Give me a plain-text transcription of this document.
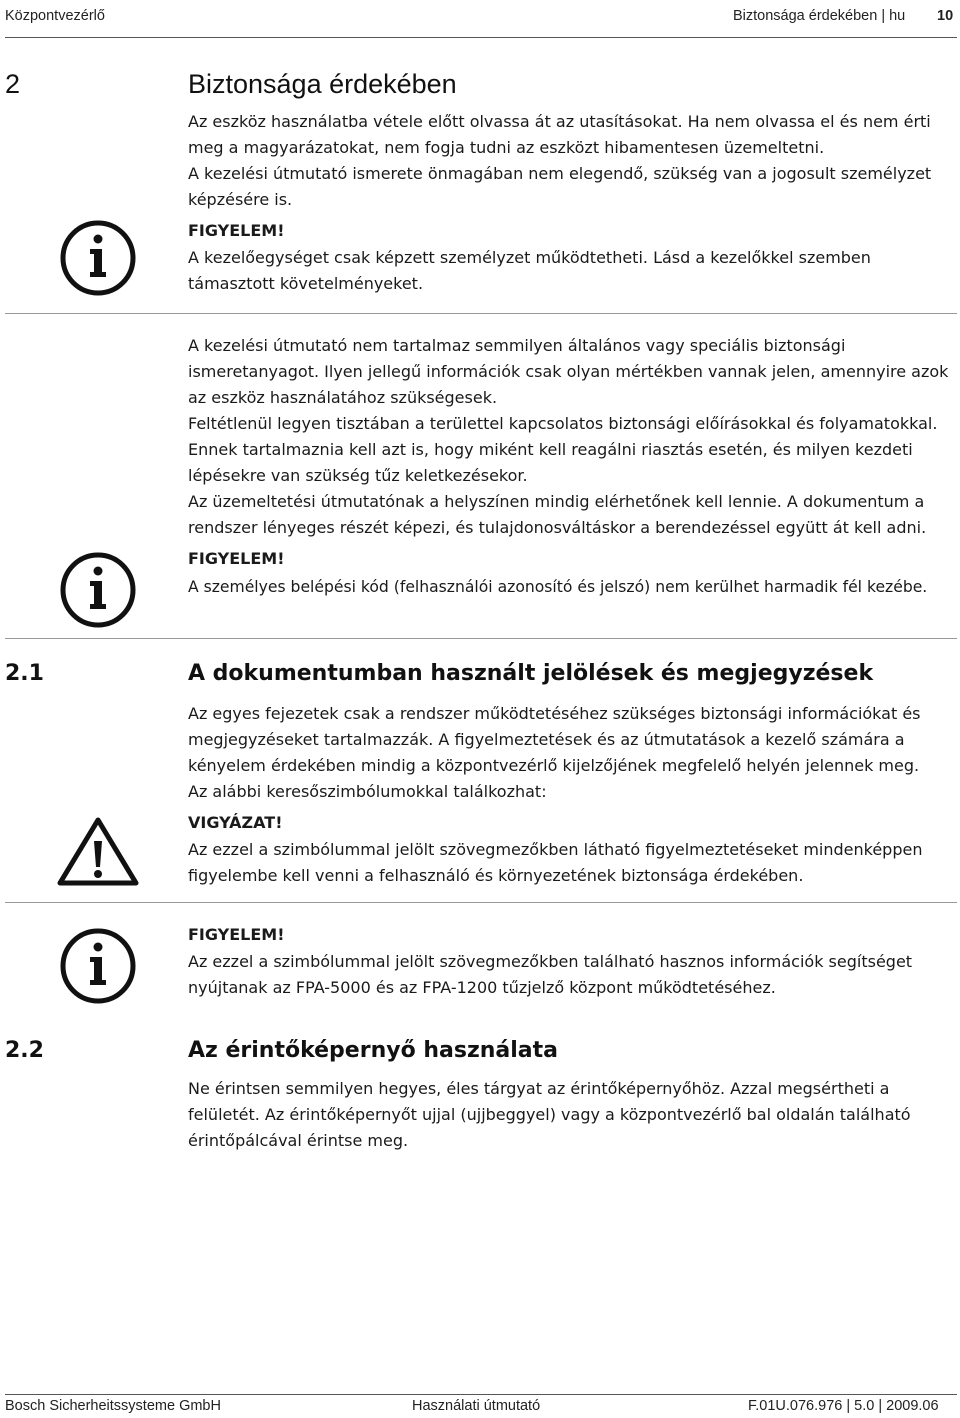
Központvezérlő	Biztonsága érdekében | hu 10
2	Biztonsága érdekében
Az eszköz használatba vétele előtt olvassa át az utasításokat. Ha nem olvassa el és nem érti
meg a magyarázatokat, nem fogja tudni az eszközt hibamentesen üzemeltetni.
A kezelési útmutató ismerete önmagában nem elegendő, szükség van a jogosult személyzet
képzésére is.
FIGYELEM!
A kezelőegységet csak képzett személyzet működtetheti. Lásd a kezelőkkel szemben
támasztott követelményeket.
A kezelési útmutató nem tartalmaz semmilyen általános vagy speciális biztonsági
ismeretanyagot. Ilyen jellegű információk csak olyan mértékben vannak jelen, amennyire azok
az eszköz használatához szükségesek.
Feltétlenül legyen tisztában a területtel kapcsolatos biztonsági előírásokkal és folyamatokkal.
Ennek tartalmaznia kell azt is, hogy miként kell reagálni riasztás esetén, és milyen kezdeti
lépésekre van szükség tűz keletkezésekor.
Az üzemeltetési útmutatónak a helyszínen mindig elérhetőnek kell lennie. A dokumentum a
rendszer lényeges részét képezi, és tulajdonosváltáskor a berendezéssel együtt át kell adni.
FIGYELEM!
A személyes belépési kód (felhasználói azonosító és jelszó) nem kerülhet harmadik fél kezébe.
2.1	A dokumentumban használt jelölések és megjegyzések
Az egyes fejezetek csak a rendszer működtetéséhez szükséges biztonsági információkat és
megjegyzéseket tartalmazzák. A figyelmeztetések és az útmutatások a kezelő számára a
kényelem érdekében mindig a központvezérlő kijelzőjének megfelelő helyén jelennek meg.
Az alábbi keresőszimbólumokkal találkozhat:
VIGYÁZAT!
Az ezzel a szimbólummal jelölt szövegmezőkben látható figyelmeztetéseket mindenképpen
figyelembe kell venni a felhasználó és környezetének biztonsága érdekében.
FIGYELEM!
Az ezzel a szimbólummal jelölt szövegmezőkben található hasznos információk segítséget
nyújtanak az FPA-5000 és az FPA-1200 tűzjelző központ működtetéséhez.
2.2	Az érintőképernyő használata
Ne érintsen semmilyen hegyes, éles tárgyat az érintőképernyőhöz. Azzal megsértheti a
felületét. Az érintőképernyőt ujjal (ujjbeggyel) vagy a központvezérlő bal oldalán található
érintőpálcával érintse meg.
Bosch Sicherheitssysteme GmbH	Használati útmutató	F.01U.076.976 | 5.0 | 2009.06
